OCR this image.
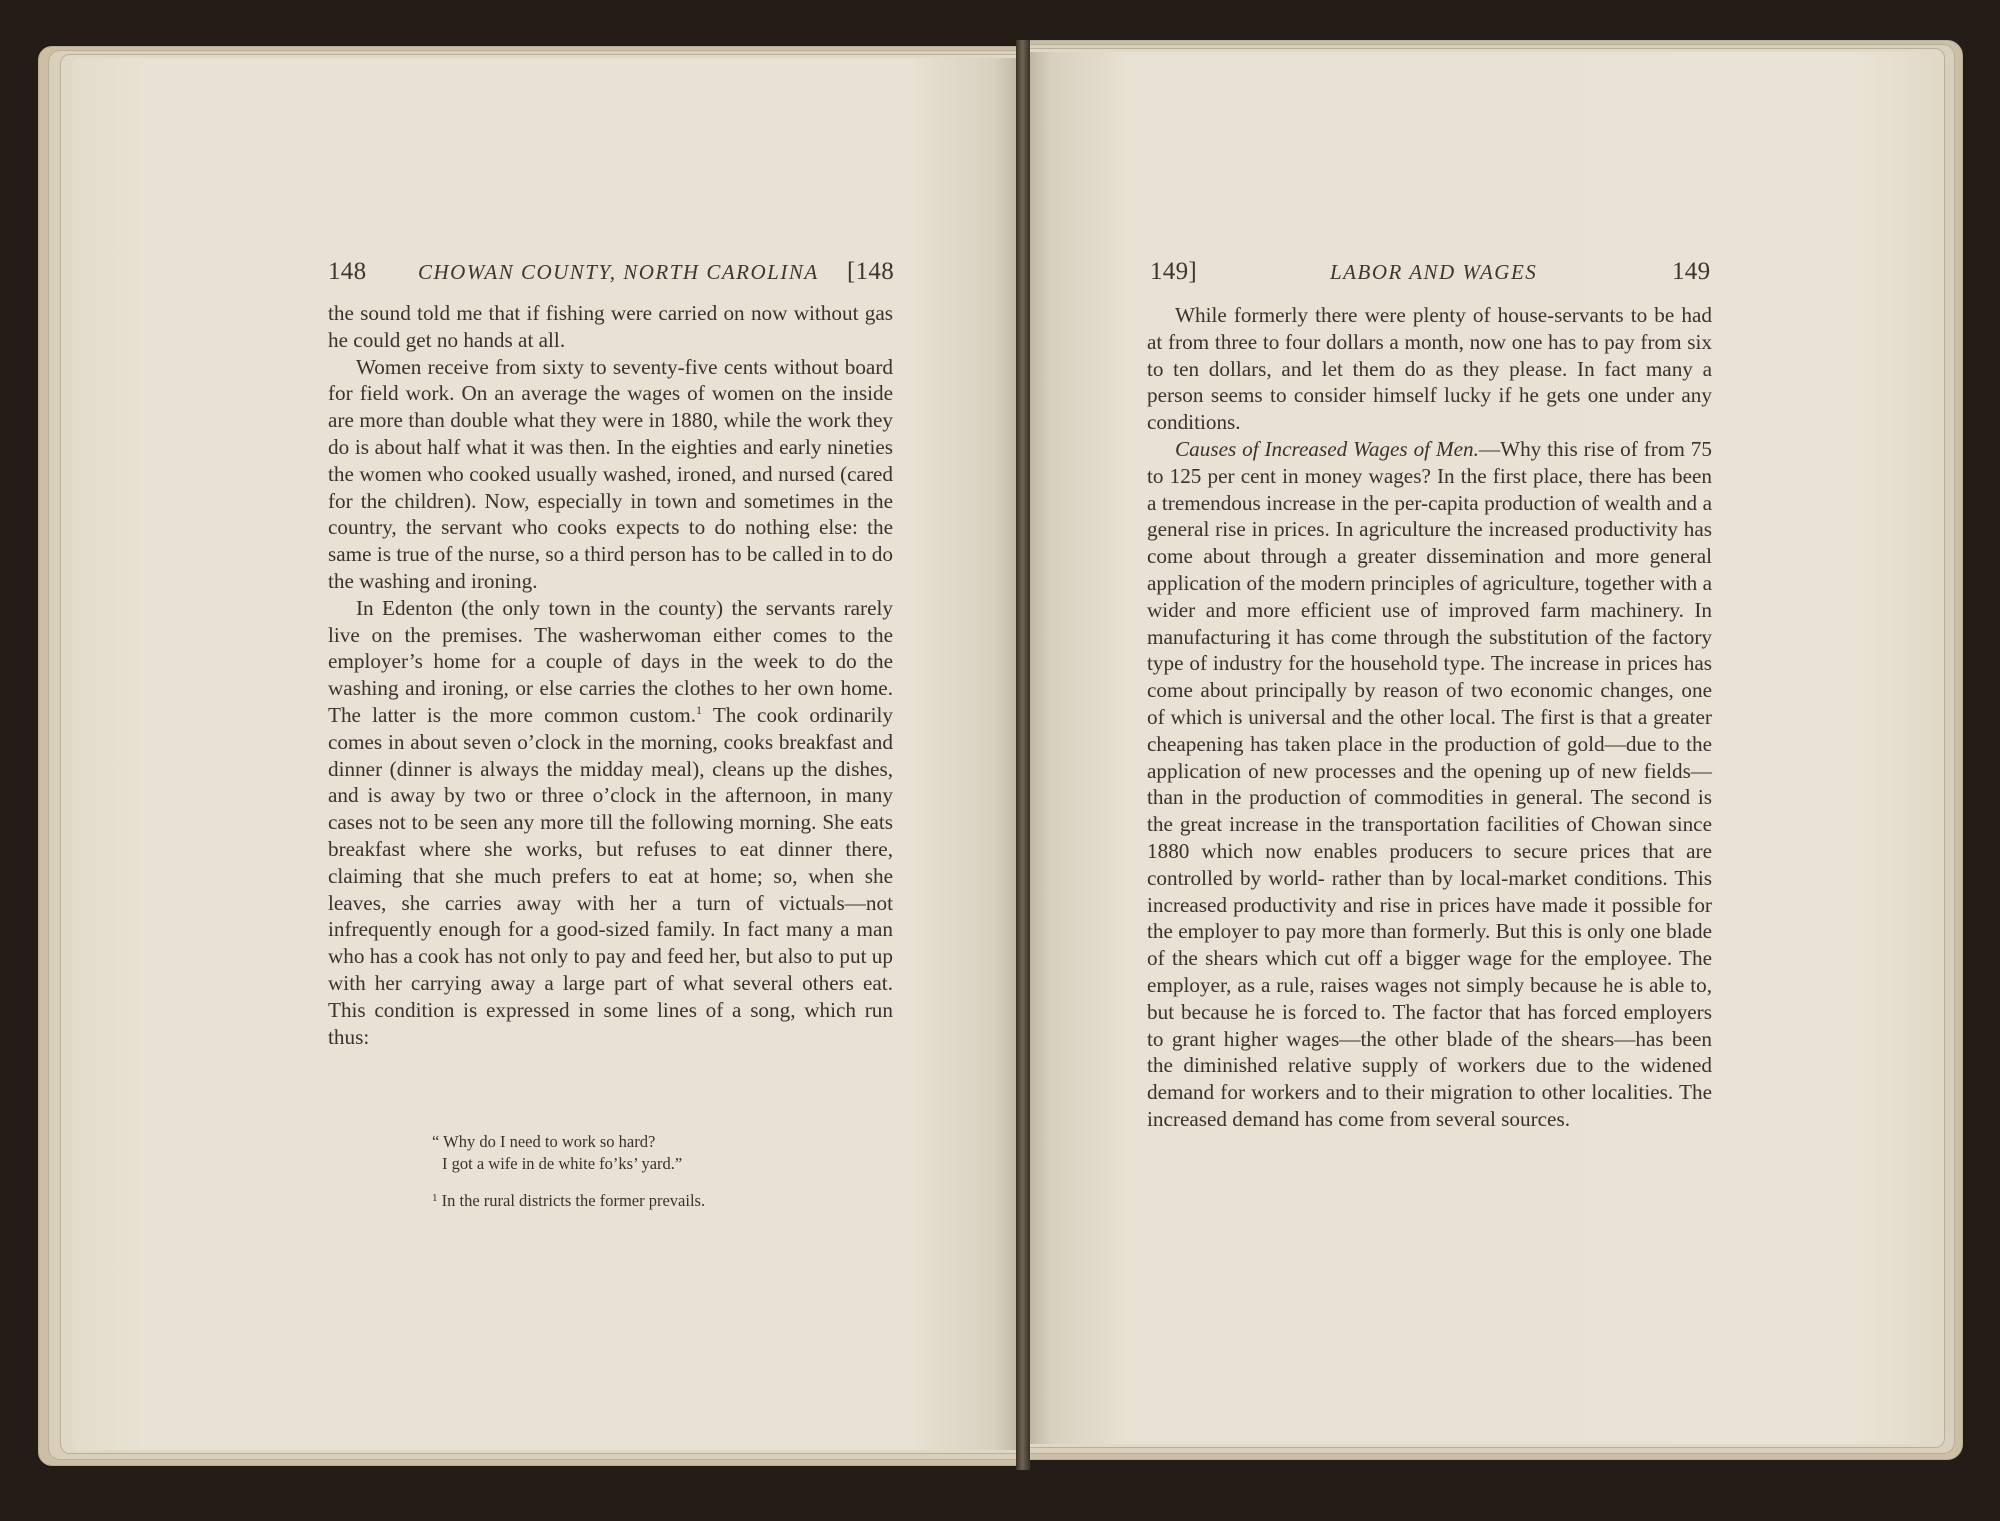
148 CHOWAN COUNTY, NORTH CAROLINA [148

the sound told me that if fishing were carried on now without gas he could get no hands at all.

Women receive from sixty to seventy-five cents without board for field work. On an average the wages of women on the inside are more than double what they were in 1880, while the work they do is about half what it was then. In the eighties and early nineties the women who cooked usually washed, ironed, and nursed (cared for the children). Now, especially in town and sometimes in the country, the servant who cooks expects to do nothing else: the same is true of the nurse, so a third person has to be called in to do the washing and ironing.

In Edenton (the only town in the county) the servants rarely live on the premises. The washerwoman either comes to the employer’s home for a couple of days in the week to do the washing and ironing, or else carries the clothes to her own home. The latter is the more common custom.$^1$ The cook ordinarily comes in about seven o’clock in the morning, cooks breakfast and dinner (dinner is always the midday meal), cleans up the dishes, and is away by two or three o’clock in the afternoon, in many cases not to be seen any more till the following morning. She eats breakfast where she works, but refuses to eat dinner there, claiming that she much prefers to eat at home; so, when she leaves, she carries away with her a turn of victuals—not infrequently enough for a good-sized family. In fact many a man who has a cook has not only to pay and feed her, but also to put up with her carrying away a large part of what several others eat. This condition is expressed in some lines of a song, which run thus:

“ Why do I need to work so hard?
I got a wife in de white fo’ks’ yard.”
$^1$ In the rural districts the former prevails.
149]	LABOR AND WAGES	149

While formerly there were plenty of house-servants to be had at from three to four dollars a month, now one has to pay from six to ten dollars, and let them do as they please. In fact many a person seems to consider himself lucky if he gets one under any conditions.

Causes of Increased Wages of Men.—Why this rise of from 75 to 125 per cent in money wages? In the first place, there has been a tremendous increase in the per-capita production of wealth and a general rise in prices. In agriculture the increased productivity has come about through a greater dissemination and more general application of the modern principles of agriculture, together with a wider and more efficient use of improved farm machinery. In manufacturing it has come through the substitution of the factory type of industry for the household type. The increase in prices has come about principally by reason of two economic changes, one of which is universal and the other local. The first is that a greater cheapening has taken place in the production of gold—due to the application of new processes and the opening up of new fields—than in the production of commodities in general. The second is the great increase in the transportation facilities of Chowan since 1880 which now enables producers to secure prices that are controlled by world- rather than by local-market conditions. This increased productivity and rise in prices have made it possible for the employer to pay more than formerly. But this is only one blade of the shears which cut off a bigger wage for the employee. The employer, as a rule, raises wages not simply because he is able to, but because he is forced to. The factor that has forced employers to grant higher wages—the other blade of the shears—has been the diminished relative supply of workers due to the widened demand for workers and to their migration to other localities. The increased demand has come from several sources.
